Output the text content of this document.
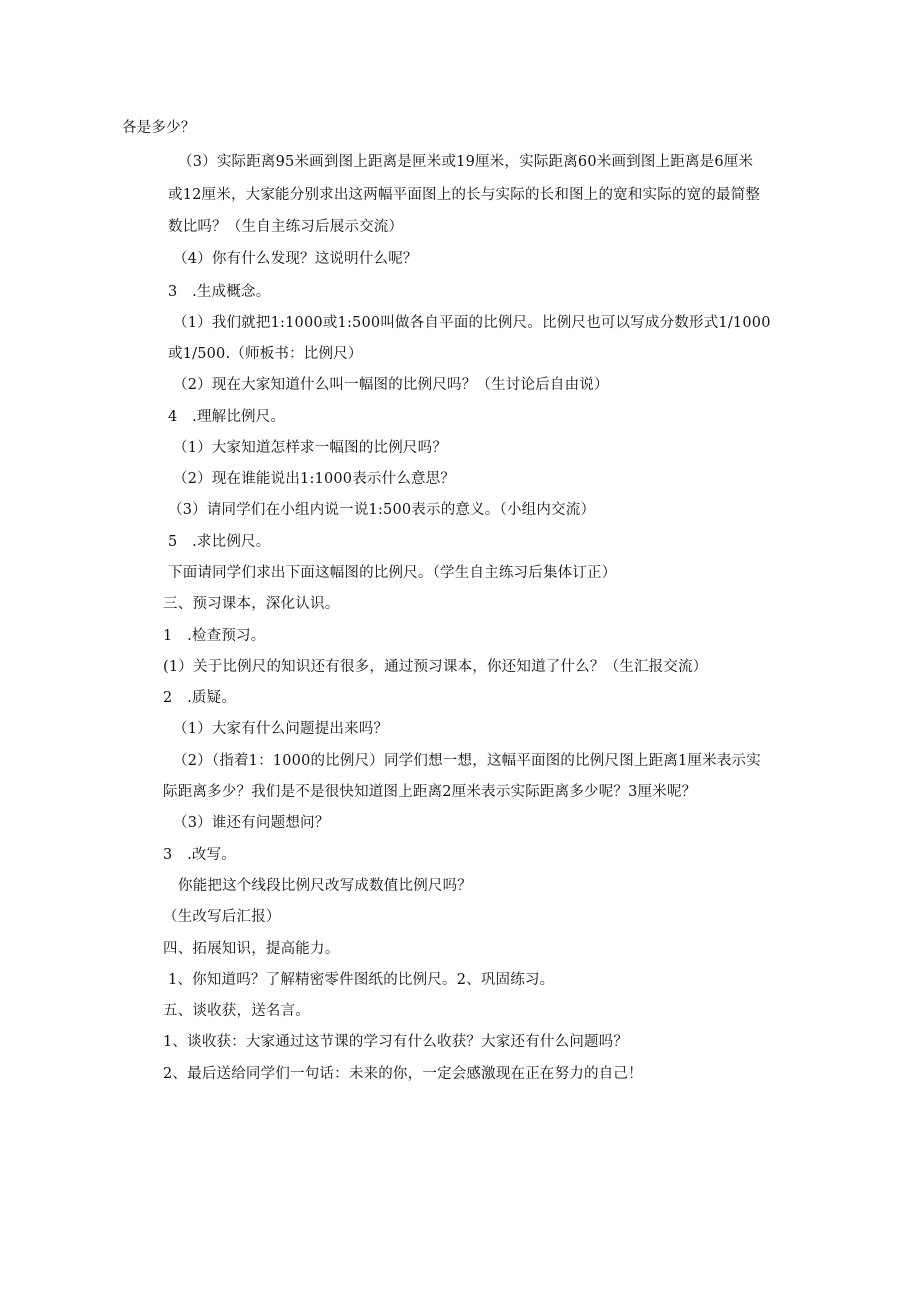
各是多少？
（3）实际距离95米画到图上距离是匣米或19厘米，实际距离60米画到图上距离是6厘米
或12厘米，大家能分别求出这两幅平面图上的长与实际的长和图上的宽和实际的宽的最简整
数比吗？（生自主练习后展示交流）
（4）你有什么发现？这说明什么呢？
3　.生成概念。
（1）我们就把1:1000或1:500叫做各自平面的比例尺。比例尺也可以写成分数形式1/1000
或1/500.（师板书：比例尺）
（2）现在大家知道什么叫一幅图的比例尺吗？（生讨论后自由说）
4　.理解比例尺。
（1）大家知道怎样求一幅图的比例尺吗？
（2）现在谁能说出1:1000表示什么意思？
（3）请同学们在小组内说一说1:500表示的意义。（小组内交流）
5　.求比例尺。
下面请同学们求出下面这幅图的比例尺。（学生自主练习后集体订正）
三、预习课本，深化认识。
1　.检查预习。
(1）关于比例尺的知识还有很多，通过预习课本，你还知道了什么？（生汇报交流）
2　.质疑。
（1）大家有什么问题提出来吗？
（2）（指着1：1000的比例尺）同学们想一想，这幅平面图的比例尺图上距离1厘米表示实
际距离多少？我们是不是很快知道图上距离2厘米表示实际距离多少呢？3厘米呢？
（3）谁还有问题想问？
3　.改写。
你能把这个线段比例尺改写成数值比例尺吗？
（生改写后汇报）
四、拓展知识，提高能力。
1、你知道吗？了解精密零件图纸的比例尺。2、巩固练习。
五、谈收获，送名言。
1、谈收获：大家通过这节课的学习有什么收获？大家还有什么问题吗？
2、最后送给同学们一句话：未来的你，一定会感激现在正在努力的自己！
